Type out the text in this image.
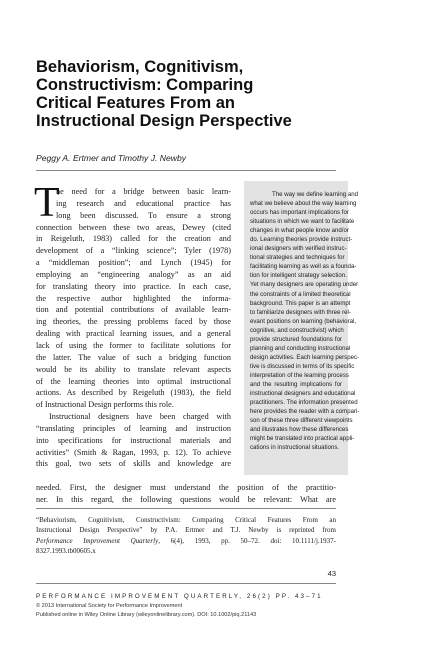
Behaviorism, Cognitivism,
Constructivism: Comparing
Critical Features From an
Instructional Design Perspective

Peggy A. Ertmer and Timothy J. Newby

T
he need for a bridge between basic learn-
ing research and educational practice has
long been discussed. To ensure a strong
connection between these two areas, Dewey (cited
in Reigeluth, 1983) called for the creation and
development of a “linking science”; Tyler (1978)
a “middleman position”; and Lynch (1945) for
employing an “engineering analogy” as an aid
for translating theory into practice. In each case,
the respective author highlighted the informa-
tion and potential contributions of available learn-
ing theories, the pressing problems faced by those
dealing with practical learning issues, and a general
lack of using the former to facilitate solutions for
the latter. The value of such a bridging function
would be its ability to translate relevant aspects
of the learning theories into optimal instructional
actions. As described by Reigeluth (1983), the field
of Instructional Design performs this role.
Instructional designers have been charged with
“translating principles of learning and instruction
into specifications for instructional materials and
activities” (Smith & Ragan, 1993, p. 12). To achieve
this goal, two sets of skills and knowledge are
needed. First, the designer must understand the position of the practitio-
ner. In this regard, the following questions would be relevant: What are
The way we define learning and
what we believe about the way learning
occurs has important implications for
situations in which we want to facilitate
changes in what people know and/or
do. Learning theories provide instruct-
ional designers with verified instruc-
tional strategies and techniques for
facilitating learning as well as a founda-
tion for intelligent strategy selection.
Yet many designers are operating under
the constraints of a limited theoretical
background. This paper is an attempt
to familiarize designers with three rel-
evant positions on learning (behavioral,
cognitive, and constructivist) which
provide structured foundations for
planning and conducting instructional
design activities. Each learning perspec-
tive is discussed in terms of its specific
interpretation of the learning process
and the resulting implications for
instructional designers and educational
practitioners. The information presented
here provides the reader with a compari-
son of these three different viewpoints
and illustrates how these differences
might be translated into practical appli-
cations in instructional situations.
“Behaviorism, Cognitivism, Constructivism: Comparing Critical Features From an
Instructional Design Perspective” by P.A. Ertmer and T.J. Newby is reprinted from
Performance Improvement Quarterly, 6(4), 1993, pp. 50–72. doi: 10.1111/j.1937-
8327.1993.tb00605.x
43
PERFORMANCE IMPROVEMENT QUARTERLY, 26(2) PP. 43–71
© 2013 International Society for Performance Improvement
Published online in Wiley Online Library (wileyonlinelibrary.com). DOI: 10.1002/piq.21143
